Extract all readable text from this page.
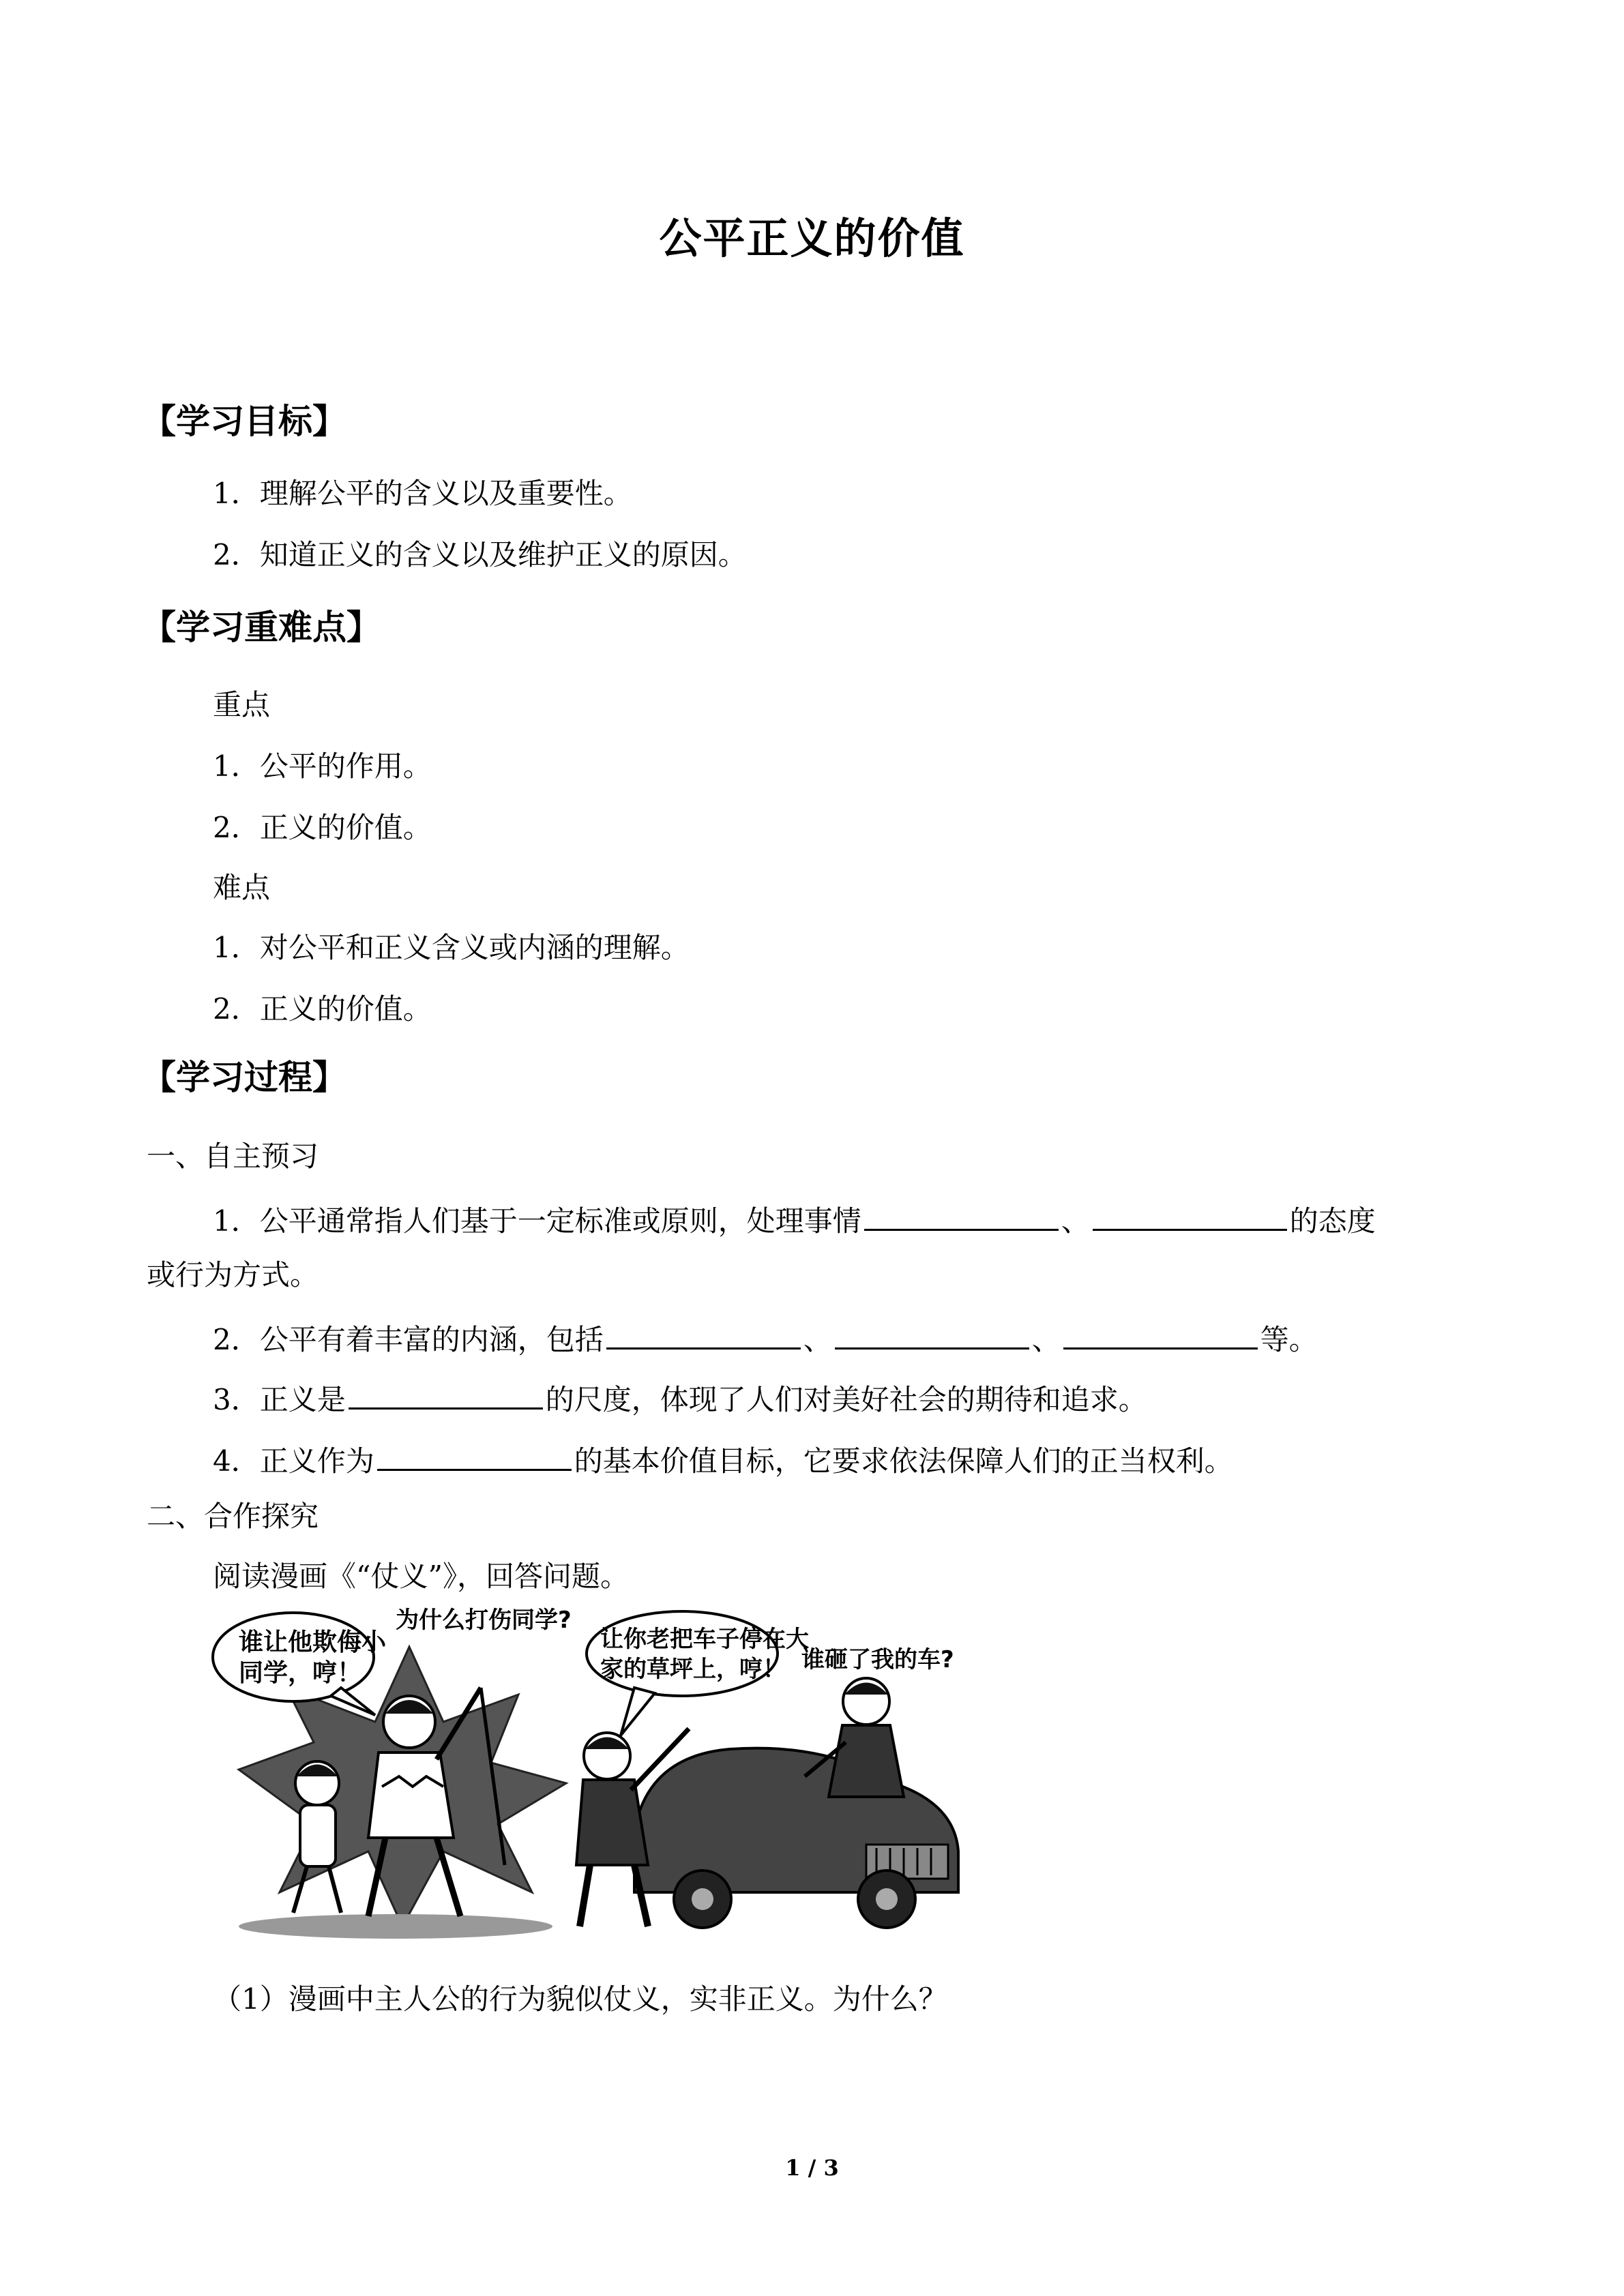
公平正义的价值
【学习目标】
1．理解公平的含义以及重要性。
2．知道正义的含义以及维护正义的原因。
【学习重难点】
重点
1．公平的作用。
2．正义的价值。
难点
1．对公平和正义含义或内涵的理解。
2．正义的价值。
【学习过程】
一、自主预习
1．公平通常指人们基于一定标准或原则，处理事情	、	的态度
或行为方式。
2．公平有着丰富的内涵，包括	、	、	等。
3．正义是	的尺度，体现了人们对美好社会的期待和追求。
4．正义作为	的基本价值目标，它要求依法保障人们的正当权利。
二、合作探究
阅读漫画《“仗义”》，回答问题。
谁让他欺侮小
同学，哼！
为什么打伤同学?
让你老把车子停在大
家的草坪上，哼！ 谁砸了我的车?
（1）漫画中主人公的行为貌似仗义，实非正义。为什么？
1 / 3
